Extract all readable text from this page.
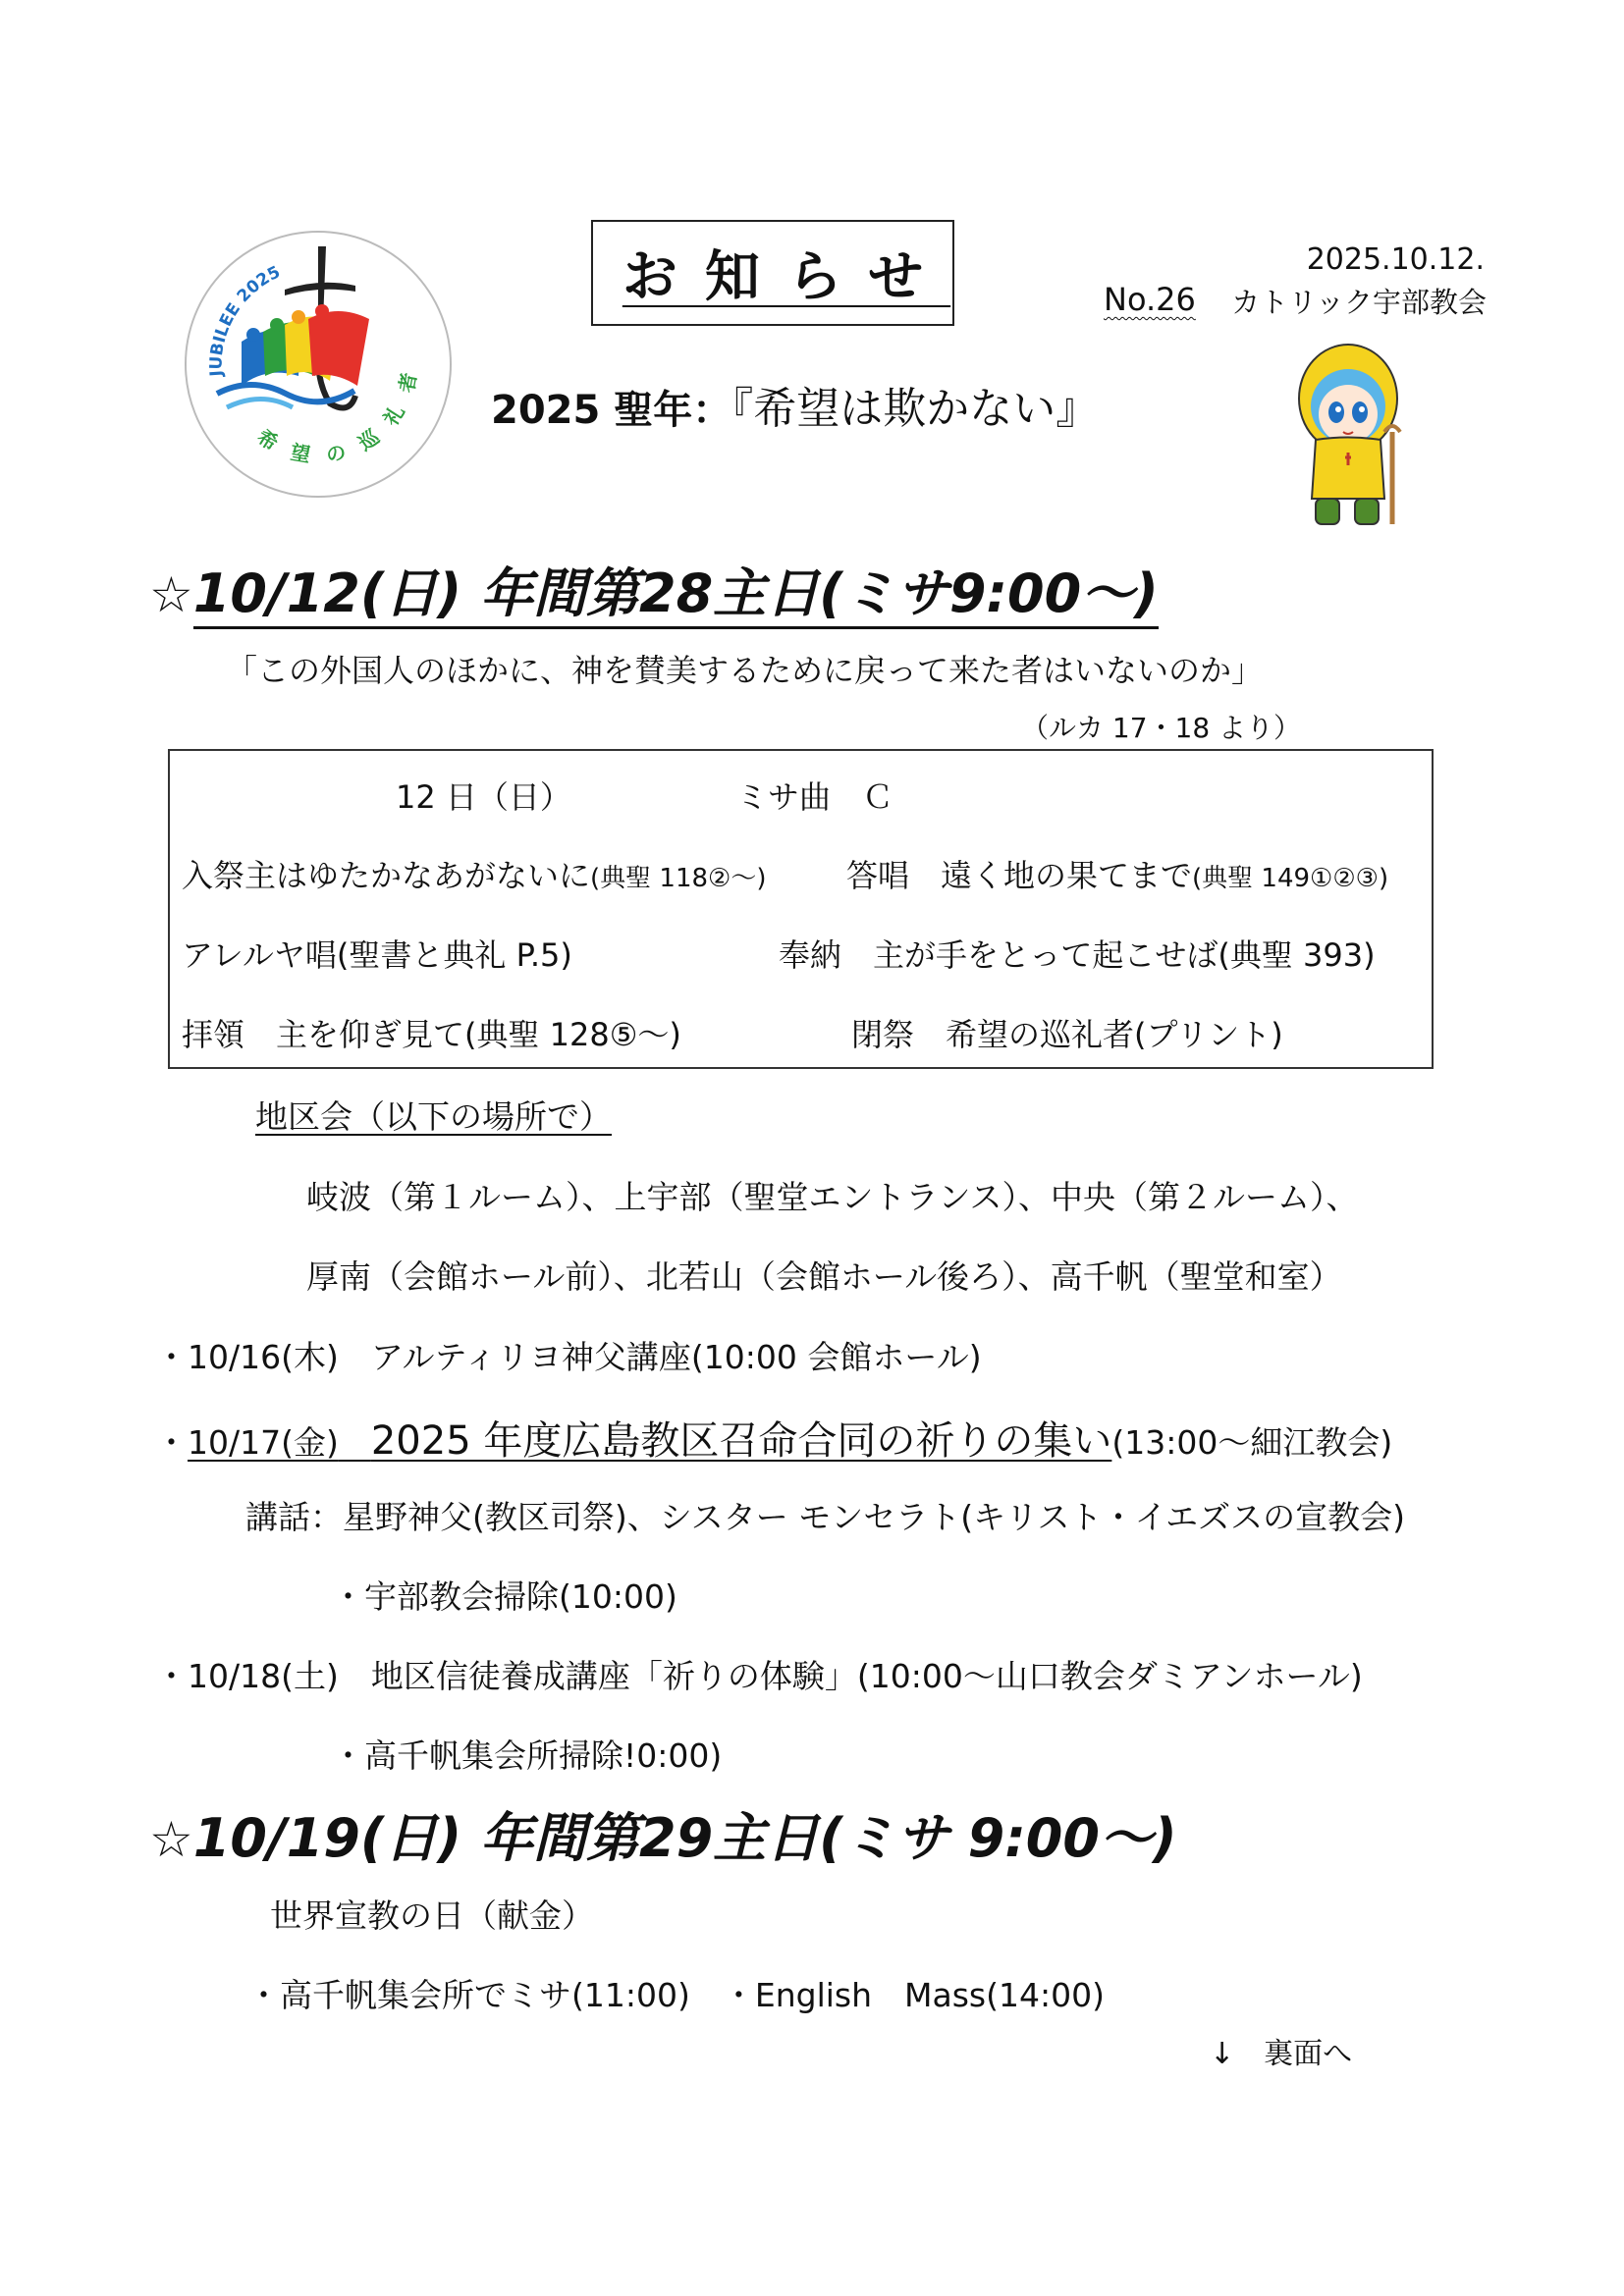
JUBILEE 2025
希 望 の 巡 礼 者
お知らせ	2025.10.12.
No.26 カトリック宇部教会
2025 聖年：『希望は欺かない』
☆10/12(日) 年間第28主日(ミサ9:00～)
「この外国人のほかに、神を賛美するために戻って来た者はいないのか」
（ルカ 17・18 より）
12 日（日）	ミサ曲　Ｃ
入祭主はゆたかなあがないに(典聖 118②～)	答唱　遠く地の果てまで(典聖 149①②③)
アレルヤ唱(聖書と典礼 P.5)	奉納　主が手をとって起こせば(典聖 393)
拝領　主を仰ぎ見て(典聖 128⑤～)	閉祭　希望の巡礼者(プリント)
地区会（以下の場所で）
岐波（第１ルーム）、上宇部（聖堂エントランス）、中央（第２ルーム）、
厚南（会館ホール前）、北若山（会館ホール後ろ）、高千帆（聖堂和室）
・10/16(木)　アルティリヨ神父講座(10:00 会館ホール)
・10/17(金)　 2025 年度広島教区召命合同の祈りの集い(13:00～細江教会)
講話：星野神父(教区司祭)、シスター モンセラト(キリスト・イエズスの宣教会)
・宇部教会掃除(10:00)
・10/18(土)　地区信徒養成講座「祈りの体験」(10:00～山口教会ダミアンホール)
・高千帆集会所掃除!0:00)
☆10/19(日) 年間第29主日(ミサ 9:00～)
世界宣教の日（献金）
・高千帆集会所でミサ(11:00)　・English　Mass(14:00)
↓　裏面へ
